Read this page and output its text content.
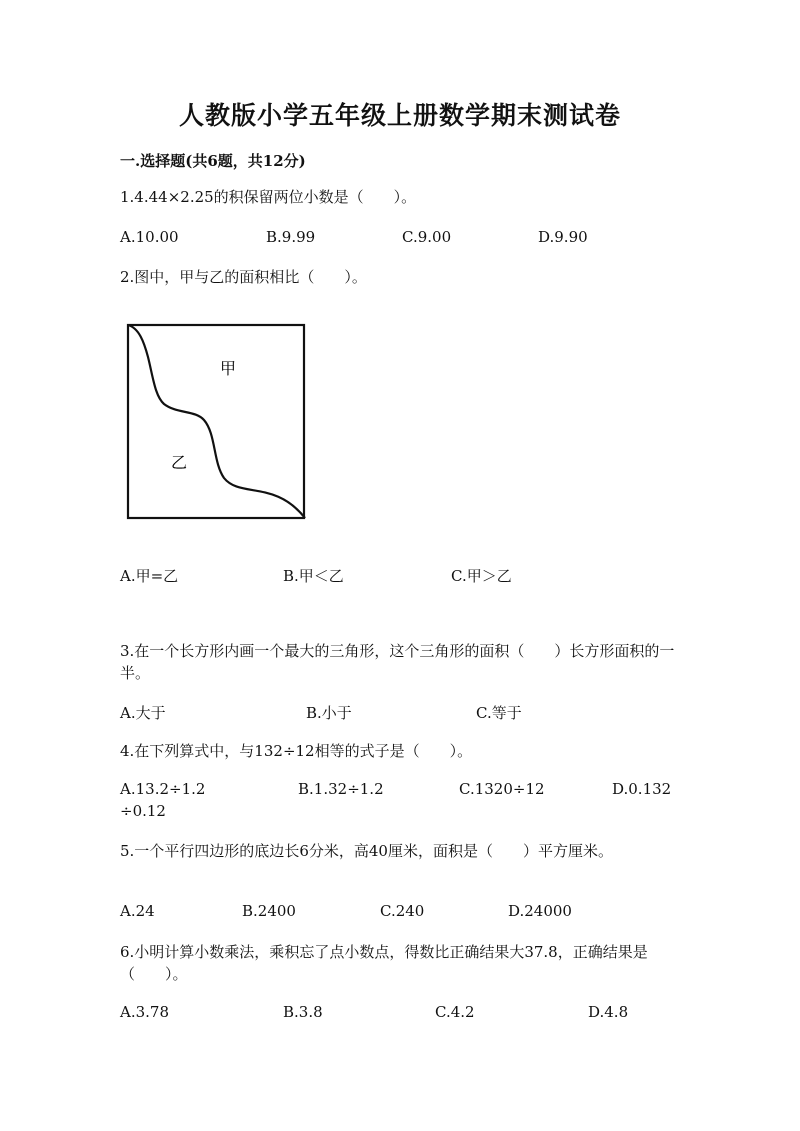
人教版小学五年级上册数学期末测试卷
一.选择题(共6题，共12分)
1.4.44×2.25的积保留两位小数是（　　）。
A.10.00	B.9.99	C.9.00	D.9.90
2.图中，甲与乙的面积相比（　　）。
甲
乙
A.甲=乙	B.甲＜乙	C.甲＞乙
3.在一个长方形内画一个最大的三角形，这个三角形的面积（　　）长方形面积的一半。
A.大于	B.小于	C.等于
4.在下列算式中，与132÷12相等的式子是（　　）。
A.13.2÷1.2	B.1.32÷1.2	C.1320÷12	D.0.132
÷0.12
5.一个平行四边形的底边长6分米，高40厘米，面积是（　　）平方厘米。
A.24	B.2400	C.240	D.24000
6.小明计算小数乘法，乘积忘了点小数点，得数比正确结果大37.8，正确结果是（　　）。
A.3.78	B.3.8	C.4.2	D.4.8
